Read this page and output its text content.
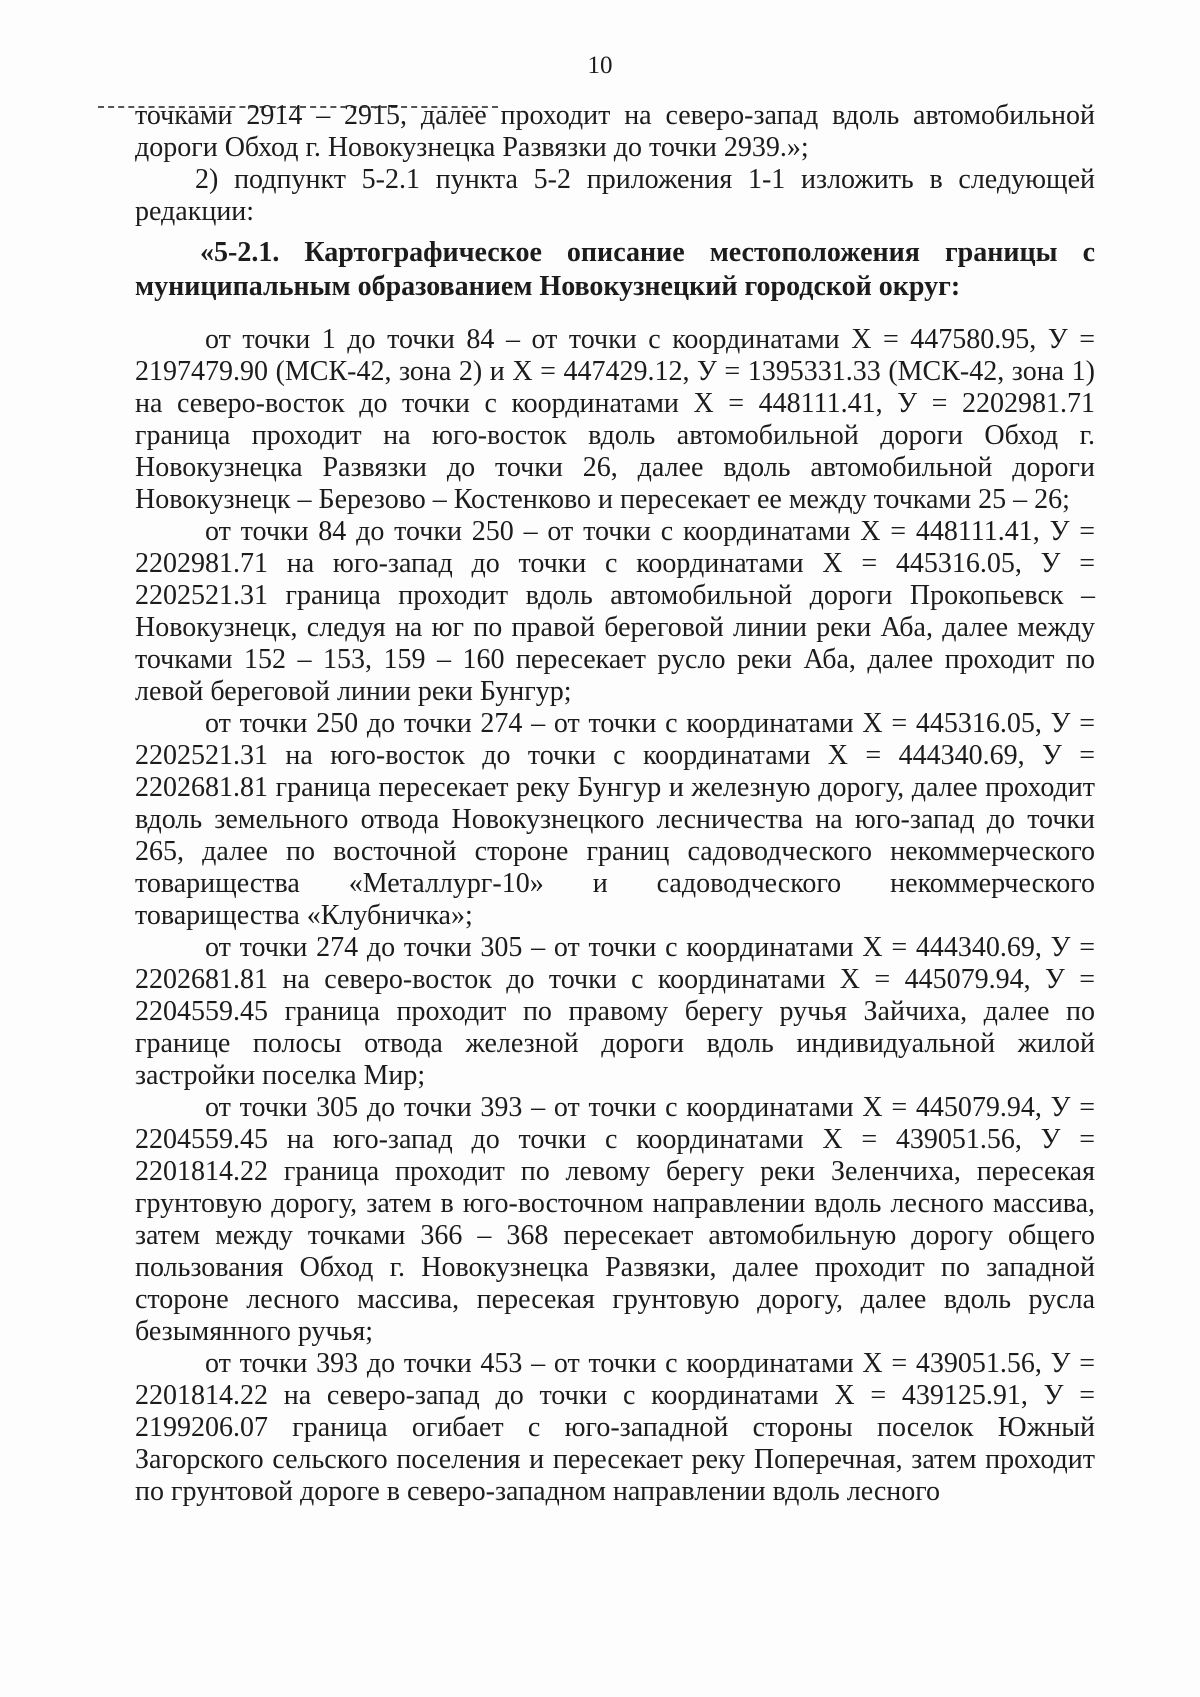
10

точками 2914 – 2915, далее проходит на северо-запад вдоль автомобильной дороги Обход г. Новокузнецка Развязки до точки 2939.»;

2) подпункт 5-2.1 пункта 5-2 приложения 1-1 изложить в следующей редакции:

«5-2.1. Картографическое описание местоположения границы с муниципальным образованием Новокузнецкий городской округ:

от точки 1 до точки 84 – от точки с координатами Х = 447580.95, У = 2197479.90 (МСК-42, зона 2) и Х = 447429.12, У = 1395331.33 (МСК-42, зона 1) на северо-восток до точки с координатами Х = 448111.41, У = 2202981.71 граница проходит на юго-восток вдоль автомобильной дороги Обход г. Новокузнецка Развязки до точки 26, далее вдоль автомобильной дороги Новокузнецк – Березово – Костенково и пересекает ее между точками 25 – 26;

от точки 84 до точки 250 – от точки с координатами Х = 448111.41, У = 2202981.71 на юго-запад до точки с координатами Х = 445316.05, У = 2202521.31 граница проходит вдоль автомобильной дороги Прокопьевск – Новокузнецк, следуя на юг по правой береговой линии реки Аба, далее между точками 152 – 153, 159 – 160 пересекает русло реки Аба, далее проходит по левой береговой линии реки Бунгур;

от точки 250 до точки 274 – от точки с координатами Х = 445316.05, У = 2202521.31 на юго-восток до точки с координатами Х = 444340.69, У = 2202681.81 граница пересекает реку Бунгур и железную дорогу, далее проходит вдоль земельного отвода Новокузнецкого лесничества на юго-запад до точки 265, далее по восточной стороне границ садоводческого некоммерческого товарищества «Металлург-10» и садоводческого некоммерческого товарищества «Клубничка»;

от точки 274 до точки 305 – от точки с координатами Х = 444340.69, У = 2202681.81 на северо-восток до точки с координатами Х = 445079.94, У = 2204559.45 граница проходит по правому берегу ручья Зайчиха, далее по границе полосы отвода железной дороги вдоль индивидуальной жилой застройки поселка Мир;

от точки 305 до точки 393 – от точки с координатами Х = 445079.94, У = 2204559.45 на юго-запад до точки с координатами Х = 439051.56, У = 2201814.22 граница проходит по левому берегу реки Зеленчиха, пересекая грунтовую дорогу, затем в юго-восточном направлении вдоль лесного массива, затем между точками 366 – 368 пересекает автомобильную дорогу общего пользования Обход г. Новокузнецка Развязки, далее проходит по западной стороне лесного массива, пересекая грунтовую дорогу, далее вдоль русла безымянного ручья;

от точки 393 до точки 453 – от точки с координатами Х = 439051.56, У = 2201814.22 на северо-запад до точки с координатами Х = 439125.91, У = 2199206.07 граница огибает с юго-западной стороны поселок Южный Загорского сельского поселения и пересекает реку Поперечная, затем проходит по грунтовой дороге в северо-западном направлении вдоль лесного
